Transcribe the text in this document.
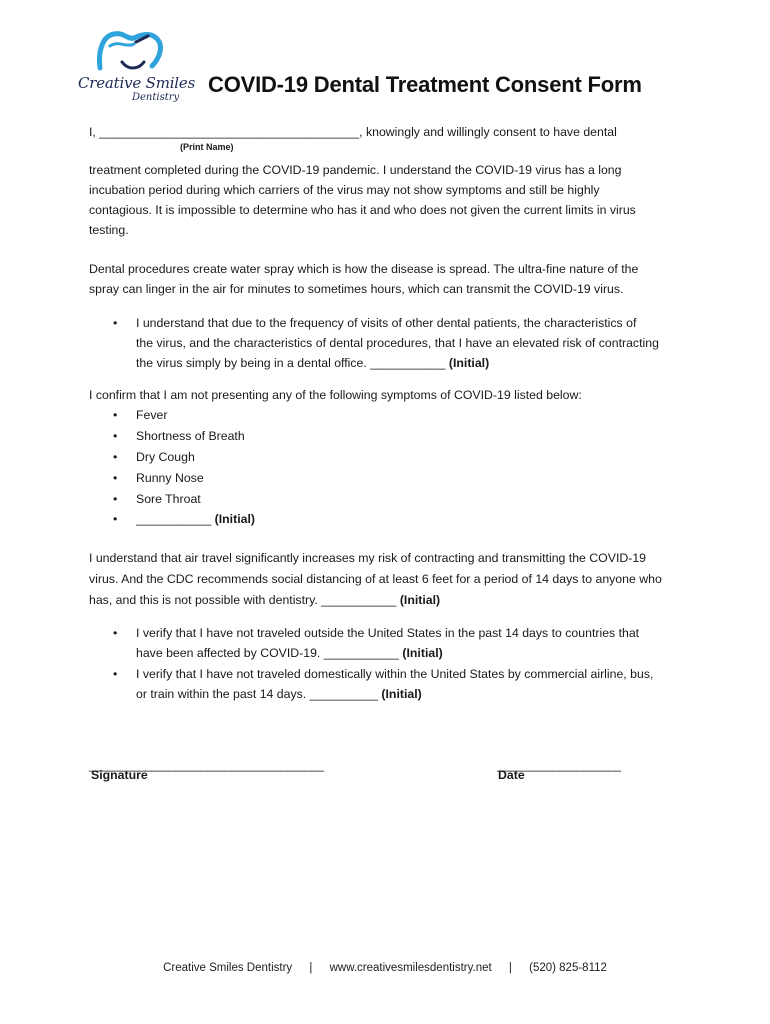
Creative Smiles
Dentistry
COVID-19 Dental Treatment Consent Form
I, ______________________________________, knowingly and willingly consent to have dental
(Print Name)
treatment completed during the COVID-19 pandemic. I understand the COVID-19 virus has a long
incubation period during which carriers of the virus may not show symptoms and still be highly
contagious. It is impossible to determine who has it and who does not given the current limits in virus
testing.
Dental procedures create water spray which is how the disease is spread. The ultra-fine nature of the
spray can linger in the air for minutes to sometimes hours, which can transmit the COVID-19 virus.
• I understand that due to the frequency of visits of other dental patients, the characteristics of
the virus, and the characteristics of dental procedures, that I have an elevated risk of contracting
the virus simply by being in a dental office. ___________ (Initial)
I confirm that I am not presenting any of the following symptoms of COVID-19 listed below:
• Fever
• Shortness of Breath
• Dry Cough
• Runny Nose
• Sore Throat
• ___________ (Initial)
I understand that air travel significantly increases my risk of contracting and transmitting the COVID-19
virus. And the CDC recommends social distancing of at least 6 feet for a period of 14 days to anyone who
has, and this is not possible with dentistry. ___________ (Initial)
• I verify that I have not traveled outside the United States in the past 14 days to countries that
have been affected by COVID-19. ___________ (Initial)
• I verify that I have not traveled domestically within the United States by commercial airline, bus,
or train within the past 14 days. __________ (Initial)
______________________________________
Signature
____________________
Date
Creative Smiles Dentistry | www.creativesmilesdentistry.net | (520) 825-8112
